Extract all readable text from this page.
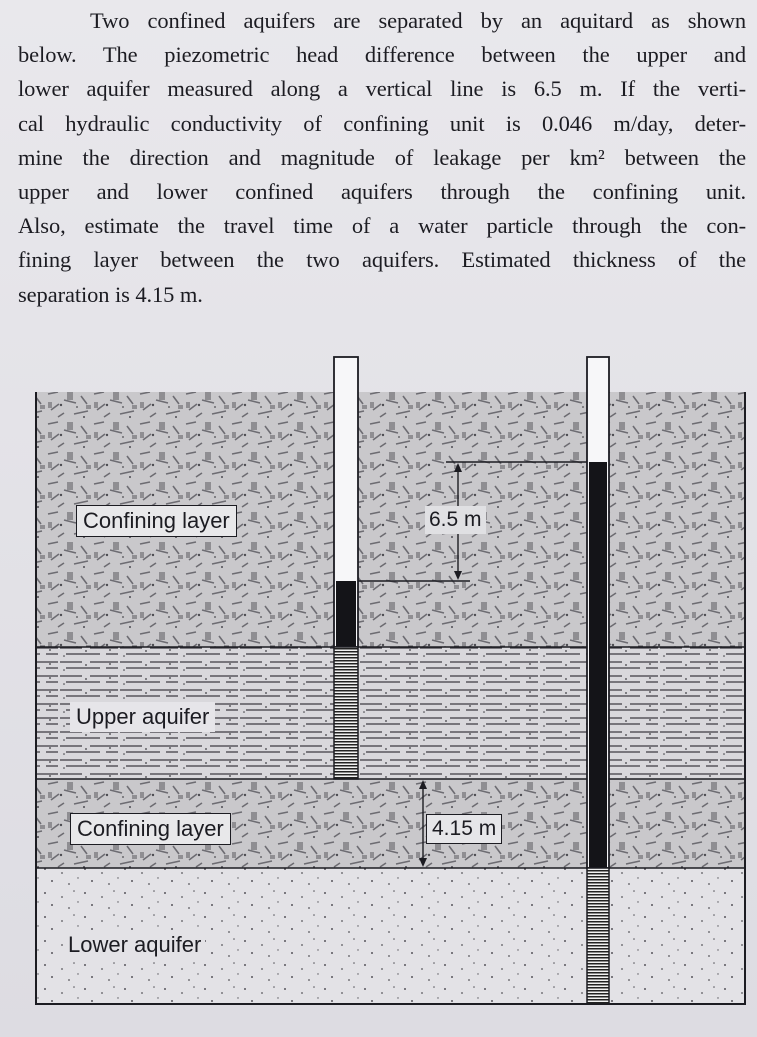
Two confined aquifers are separated by an aquitard as shown
below. The piezometric head difference between the upper and
lower aquifer measured along a vertical line is 6.5 m. If the verti-
cal hydraulic conductivity of confining unit is 0.046 m/day, deter-
mine the direction and magnitude of leakage per km² between the
upper and lower confined aquifers through the confining unit.
Also, estimate the travel time of a water particle through the con-
fining layer between the two aquifers. Estimated thickness of the
separation is 4.15 m.
Confining layer
Upper aquifer
Confining layer
Lower aquifer
6.5 m
4.15 m
